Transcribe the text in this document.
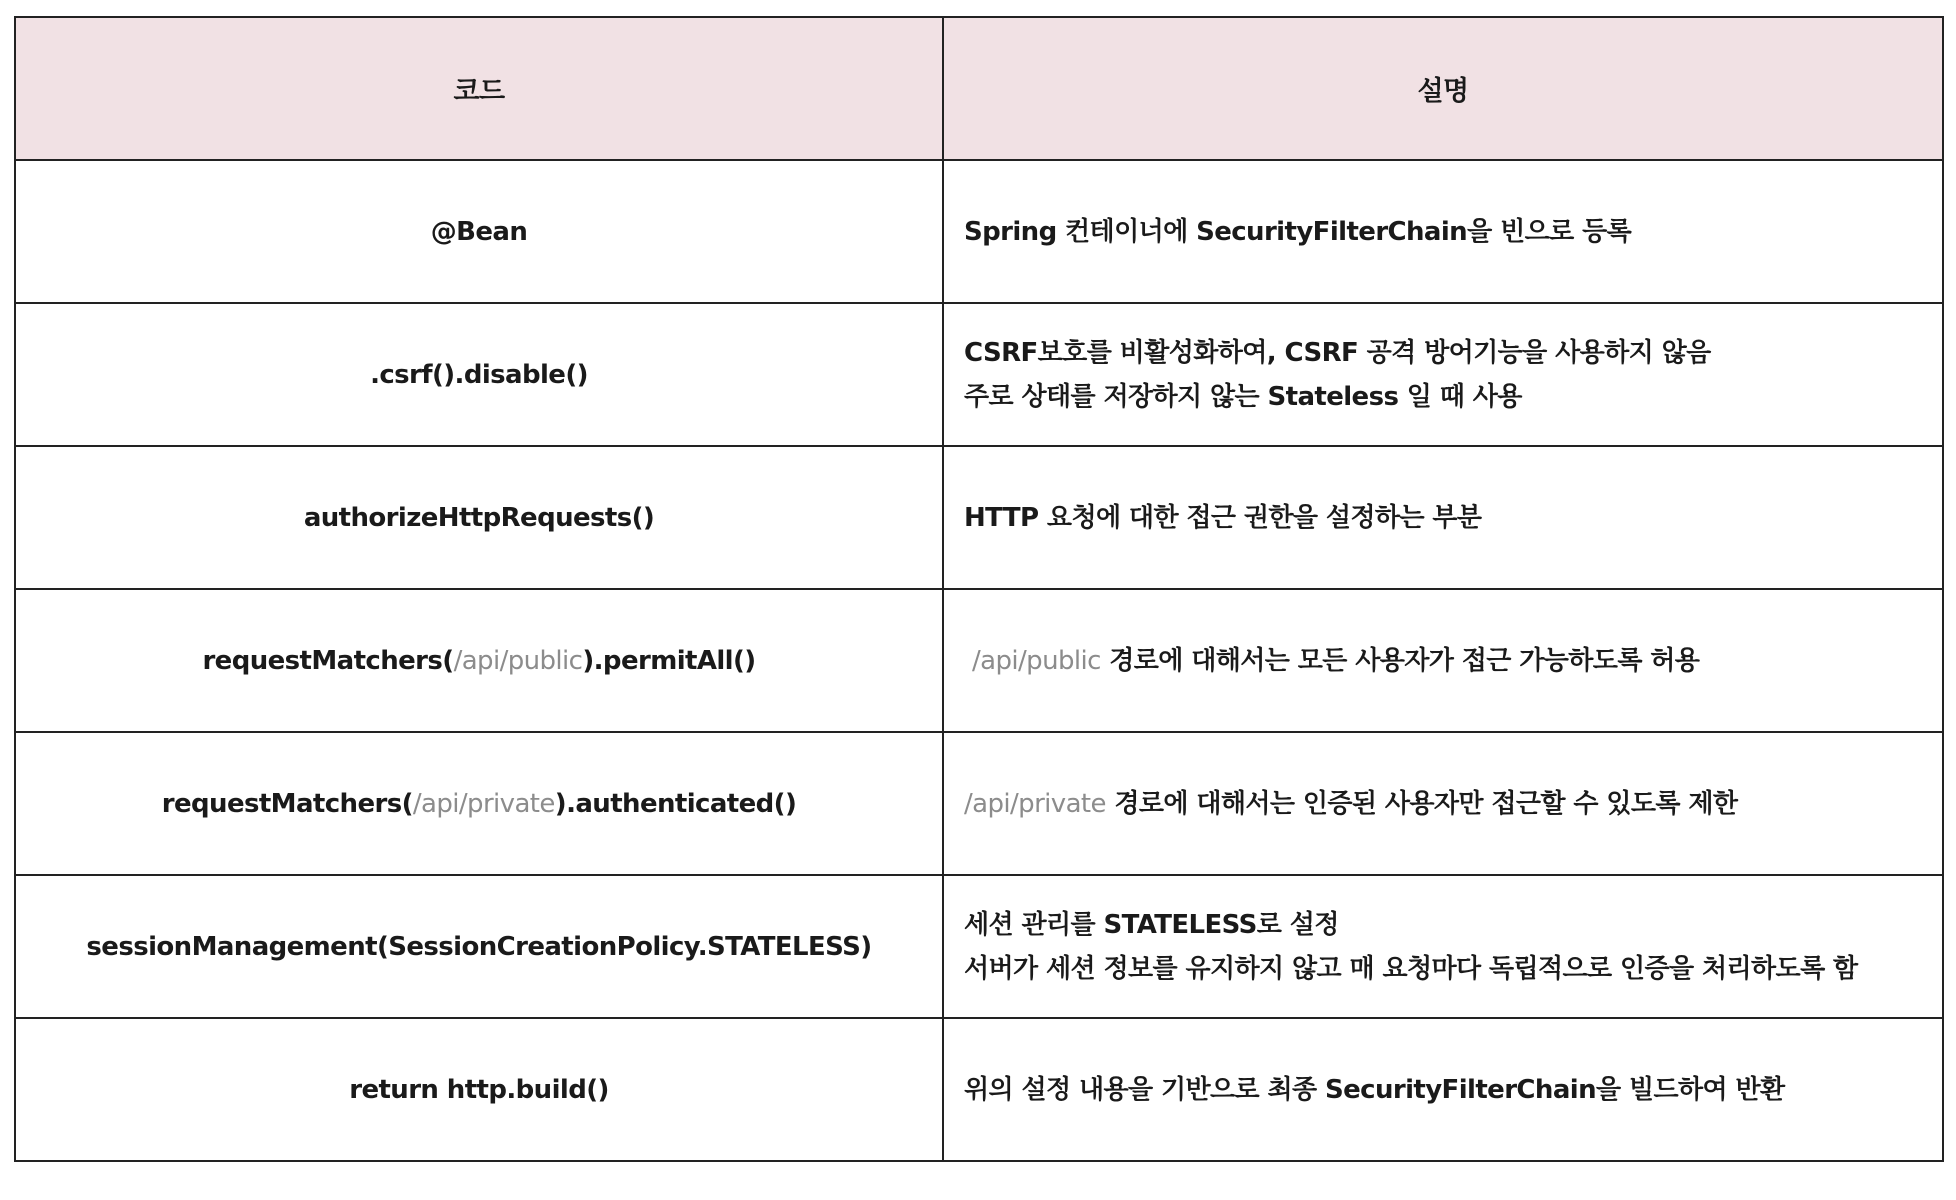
코드	설명
@Bean	Spring 컨테이너에 SecurityFilterChain을 빈으로 등록
.csrf().disable()	CSRF보호를 비활성화하여, CSRF 공격 방어기능을 사용하지 않음
주로 상태를 저장하지 않는 Stateless 일 때 사용

authorizeHttpRequests()	HTTP 요청에 대한 접근 권한을 설정하는 부분
requestMatchers(/api/public).permitAll()	/api/public 경로에 대해서는 모든 사용자가 접근 가능하도록 허용
requestMatchers(/api/private).authenticated()	/api/private 경로에 대해서는 인증된 사용자만 접근할 수 있도록 제한
sessionManagement(SessionCreationPolicy.STATELESS)	세션 관리를 STATELESS로 설정
서버가 세션 정보를 유지하지 않고 매 요청마다 독립적으로 인증을 처리하도록 함

return http.build()	위의 설정 내용을 기반으로 최종 SecurityFilterChain을 빌드하여 반환
